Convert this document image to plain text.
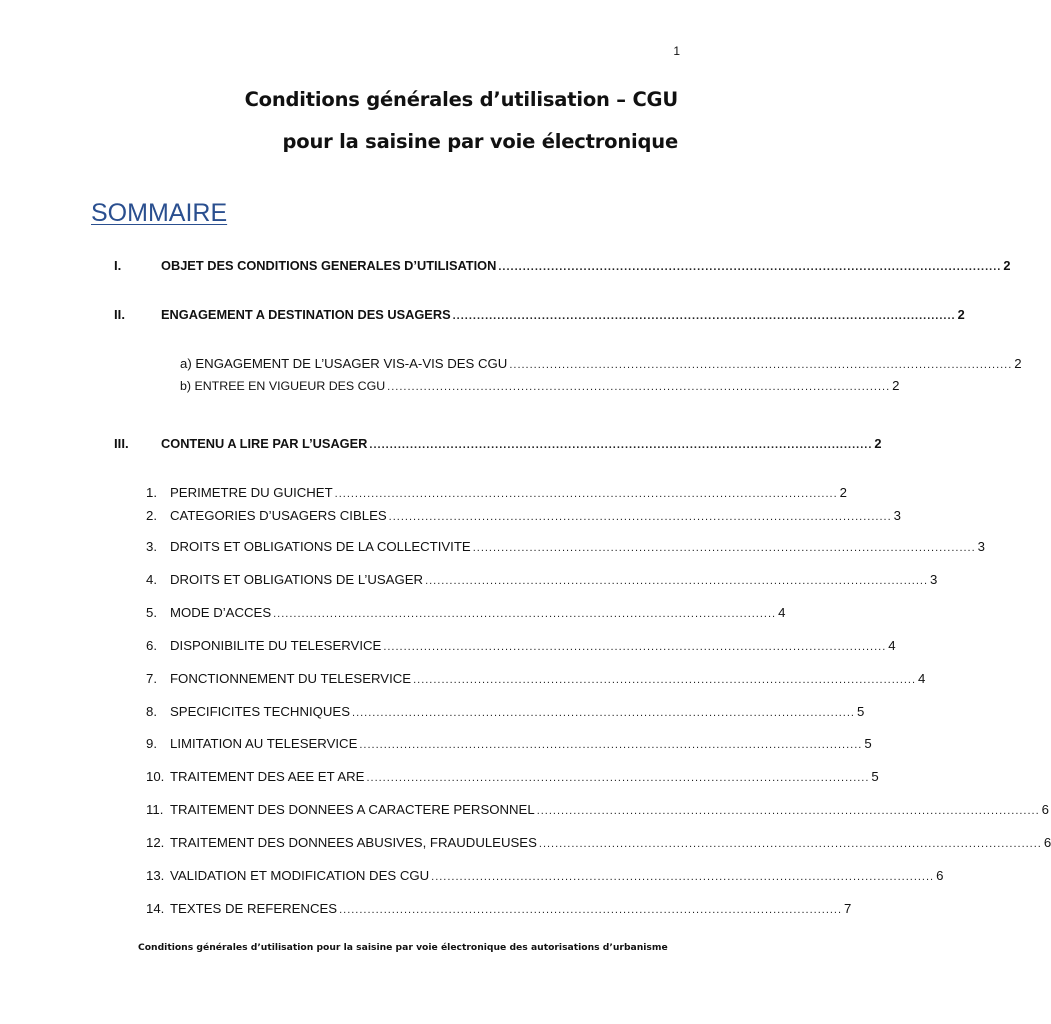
1
Conditions générales d’utilisation – CGU
pour la saisine par voie électronique
SOMMAIRE
I.	OBJET DES CONDITIONS GENERALES D’UTILISATION ............................................................................................................................ 2
II.	ENGAGEMENT A DESTINATION DES USAGERS ............................................................................................................................ 2
a) ENGAGEMENT DE L’USAGER VIS-A-VIS DES CGU ............................................................................................................................ 2
b) ENTREE EN VIGUEUR DES CGU ............................................................................................................................ 2
III.	CONTENU A LIRE PAR L’USAGER ............................................................................................................................ 2
1. PERIMETRE DU GUICHET ............................................................................................................................ 2
2. CATEGORIES D’USAGERS CIBLES ............................................................................................................................ 3
3. DROITS ET OBLIGATIONS DE LA COLLECTIVITE ............................................................................................................................ 3
4. DROITS ET OBLIGATIONS DE L’USAGER ............................................................................................................................ 3
5. MODE D’ACCES ............................................................................................................................ 4
6. DISPONIBILITE DU TELESERVICE ............................................................................................................................ 4
7. FONCTIONNEMENT DU TELESERVICE ............................................................................................................................ 4
8. SPECIFICITES TECHNIQUES ............................................................................................................................ 5
9. LIMITATION AU TELESERVICE ............................................................................................................................ 5
10. TRAITEMENT DES AEE ET ARE ............................................................................................................................ 5
11. TRAITEMENT DES DONNEES A CARACTERE PERSONNEL ............................................................................................................................ 6
12. TRAITEMENT DES DONNEES ABUSIVES, FRAUDULEUSES ............................................................................................................................ 6
13. VALIDATION ET MODIFICATION DES CGU ............................................................................................................................ 6
14. TEXTES DE REFERENCES ............................................................................................................................ 7
Conditions générales d’utilisation pour la saisine par voie électronique des autorisations d’urbanisme
